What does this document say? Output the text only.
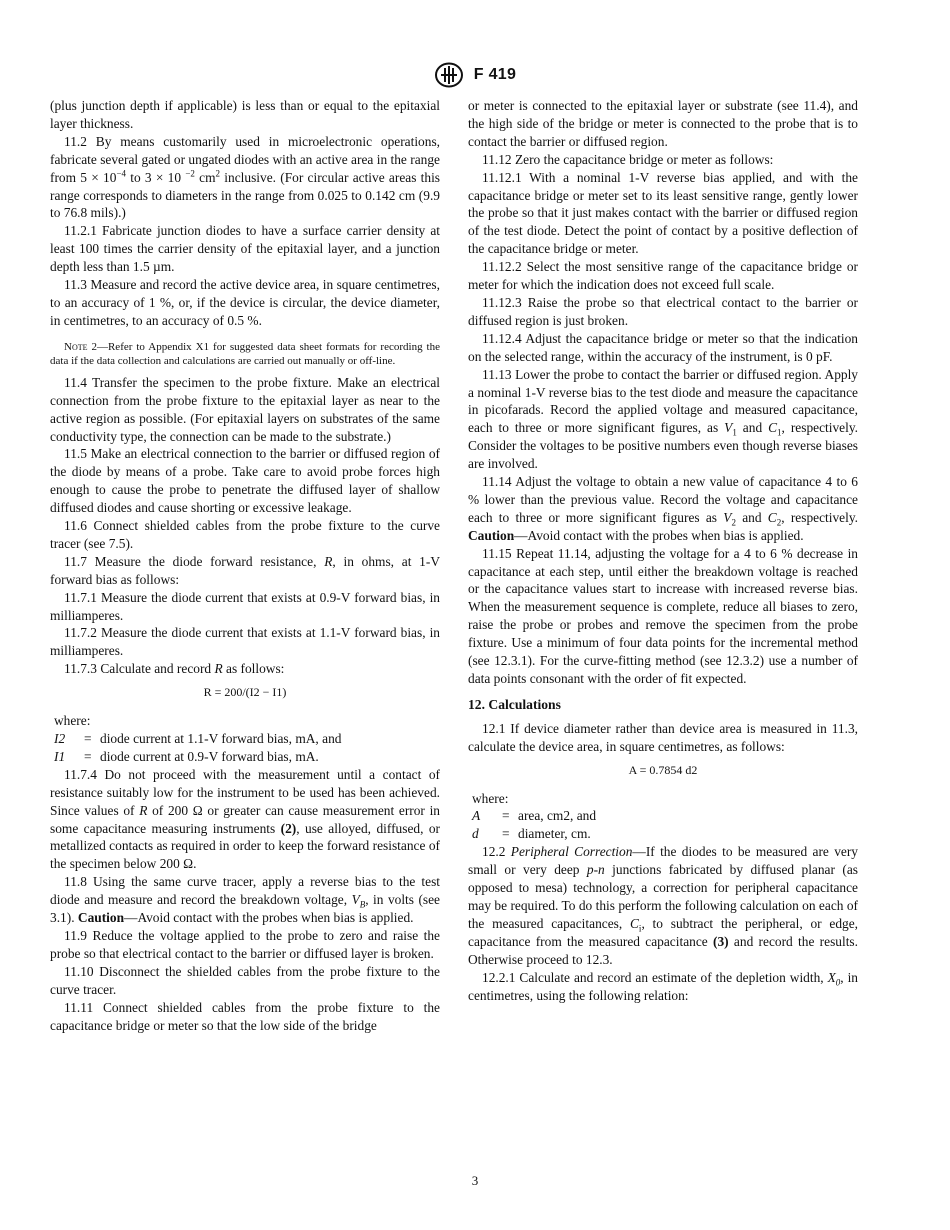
F 419

(plus junction depth if applicable) is less than or equal to the epitaxial layer thickness.

11.2 By means customarily used in microelectronic operations, fabricate several gated or ungated diodes with an active area in the range from $5 \times 10^{-4}$ to 3 × 10 $^{-2}$ $cm^2$ inclusive. (For circular active areas this range corresponds to diameters in the range from 0.025 to 0.142 cm (9.9 to 76.8 mils).)

11.2.1 Fabricate junction diodes to have a surface carrier density at least 100 times the carrier density of the epitaxial layer, and a junction depth less than 1.5 µm.

11.3 Measure and record the active device area, in square centimetres, to an accuracy of 1 %, or, if the device is circular, the device diameter, in centimetres, to an accuracy of 0.5 %.

Note 2—Refer to Appendix X1 for suggested data sheet formats for recording the data if the data collection and calculations are carried out manually or off-line.

11.4 Transfer the specimen to the probe fixture. Make an electrical connection from the probe fixture to the epitaxial layer as near to the active region as possible. (For epitaxial layers on substrates of the same conductivity type, the connection can be made to the substrate.)

11.5 Make an electrical connection to the barrier or diffused region of the diode by means of a probe. Take care to avoid probe forces high enough to cause the probe to penetrate the diffused layer of shallow diffused diodes and cause shorting or excessive leakage.

11.6 Connect shielded cables from the probe fixture to the curve tracer (see 7.5).

11.7 Measure the diode forward resistance, R, in ohms, at 1-V forward bias as follows:

11.7.1 Measure the diode current that exists at 0.9-V forward bias, in milliamperes.

11.7.2 Measure the diode current that exists at 1.1-V forward bias, in milliamperes.

11.7.3 Calculate and record R as follows:

R = 200/(I2 − I1)

where:

I2	= diode current at 1.1-V forward bias, mA, and
I1	= diode current at 0.9-V forward bias, mA.

11.7.4 Do not proceed with the measurement until a contact of resistance suitably low for the instrument to be used has been achieved. Since values of R of 200 Ω or greater can cause measurement error in some capacitance measuring instruments (2), use alloyed, diffused, or metallized contacts as required in order to keep the forward resistance of the specimen below 200 Ω.

11.8 Using the same curve tracer, apply a reverse bias to the test diode and measure and record the breakdown voltage, $V_B$, in volts (see 3.1). Caution—Avoid contact with the probes when bias is applied.

11.9 Reduce the voltage applied to the probe to zero and raise the probe so that electrical contact to the barrier or diffused layer is broken.

11.10 Disconnect the shielded cables from the probe fixture to the curve tracer.

11.11 Connect shielded cables from the probe fixture to the capacitance bridge or meter so that the low side of the bridge

or meter is connected to the epitaxial layer or substrate (see 11.4), and the high side of the bridge or meter is connected to the probe that is to contact the barrier or diffused region.

11.12 Zero the capacitance bridge or meter as follows:

11.12.1 With a nominal 1-V reverse bias applied, and with the capacitance bridge or meter set to its least sensitive range, gently lower the probe so that it just makes contact with the barrier or diffused region of the test diode. Detect the point of contact by a positive deflection of the capacitance bridge or meter.

11.12.2 Select the most sensitive range of the capacitance bridge or meter for which the indication does not exceed full scale.

11.12.3 Raise the probe so that electrical contact to the barrier or diffused region is just broken.

11.12.4 Adjust the capacitance bridge or meter so that the indication on the selected range, within the accuracy of the instrument, is 0 pF.

11.13 Lower the probe to contact the barrier or diffused region. Apply a nominal 1-V reverse bias to the test diode and measure the capacitance in picofarads. Record the applied voltage and measured capacitance, each to three or more significant figures, as $V_1$ and $C_1$, respectively. Consider the voltages to be positive numbers even though reverse biases are involved.

11.14 Adjust the voltage to obtain a new value of capacitance 4 to 6 % lower than the previous value. Record the voltage and capacitance each to three or more significant figures as $V_2$ and $C_2$, respectively. Caution—Avoid contact with the probes when bias is applied.

11.15 Repeat 11.14, adjusting the voltage for a 4 to 6 % decrease in capacitance at each step, until either the breakdown voltage is reached or the capacitance values start to increase with increased reverse bias. When the measurement sequence is complete, reduce all biases to zero, raise the probe or probes and remove the specimen from the probe fixture. Use a minimum of four data points for the incremental method (see 12.3.1). For the curve-fitting method (see 12.3.2) use a number of data points consonant with the order of fit expected.

12. Calculations

12.1 If device diameter rather than device area is measured in 11.3, calculate the device area, in square centimetres, as follows:

A = 0.7854 d2

where:

A	= area, cm2, and
d	= diameter, cm.

12.2 Peripheral Correction—If the diodes to be measured are very small or very deep p-n junctions fabricated by diffused planar (as opposed to mesa) technology, a correction for peripheral capacitance may be required. To do this perform the following calculation on each of the measured capacitances, $C_i$, to subtract the peripheral, or edge, capacitance from the measured capacitance (3) and record the results. Otherwise proceed to 12.3.

12.2.1 Calculate and record an estimate of the depletion width, $X_0$, in centimetres, using the following relation:

3
